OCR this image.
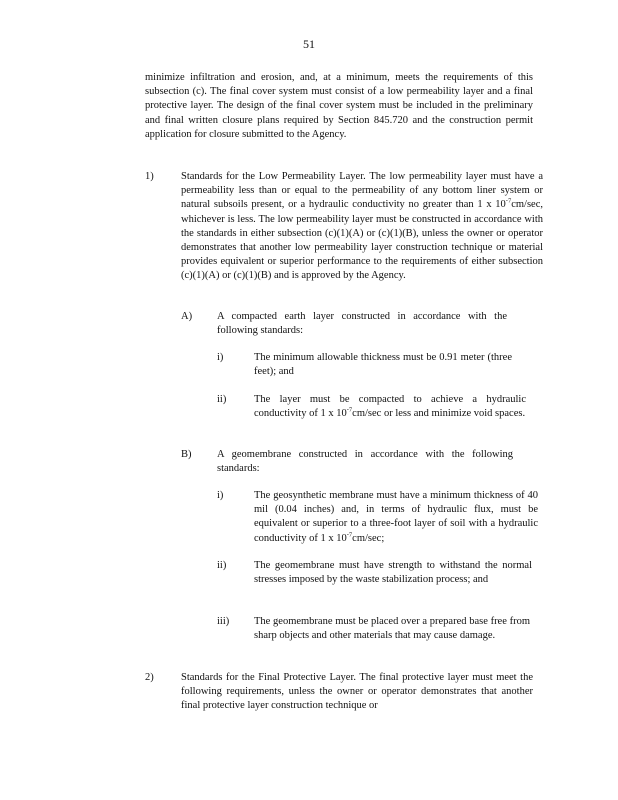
51

minimize infiltration and erosion, and, at a minimum, meets the requirements of this subsection (c). The final cover system must consist of a low permeability layer and a final protective layer. The design of the final cover system must be included in the preliminary and final written closure plans required by Section 845.720 and the construction permit application for closure submitted to the Agency.

1)	Standards for the Low Permeability Layer. The low permeability layer must have a permeability less than or equal to the permeability of any bottom liner system or natural subsoils present, or a hydraulic conductivity no greater than 1 x $10^{-7}cm/\sec$, whichever is less. The low permeability layer must be constructed in accordance with the standards in either subsection (c)(1)(A) or (c)(1)(B), unless the owner or operator demonstrates that another low permeability layer construction technique or material provides equivalent or superior performance to the requirements of either subsection (c)(1)(A) or (c)(1)(B) and is approved by the Agency.

A) A compacted earth layer constructed in accordance with the following standards:

i)	The minimum allowable thickness must be 0.91 meter (three feet); and

ii)	The layer must be compacted to achieve a hydraulic conductivity of 1 x $10^{-7}cm/\sec$ or less and minimize void spaces.

B) A geomembrane constructed in accordance with the following standards:

i)	The geosynthetic membrane must have a minimum thickness of 40 mil (0.04 inches) and, in terms of hydraulic flux, must be equivalent or superior to a three-foot layer of soil with a hydraulic conductivity of 1 x $10^{-7}cm/\sec$;

ii)	The geomembrane must have strength to withstand the normal stresses imposed by the waste stabilization process; and

iii) The geomembrane must be placed over a prepared base free from sharp objects and other materials that may cause damage.

2)	Standards for the Final Protective Layer. The final protective layer must meet the following requirements, unless the owner or operator demonstrates that another final protective layer construction technique or
